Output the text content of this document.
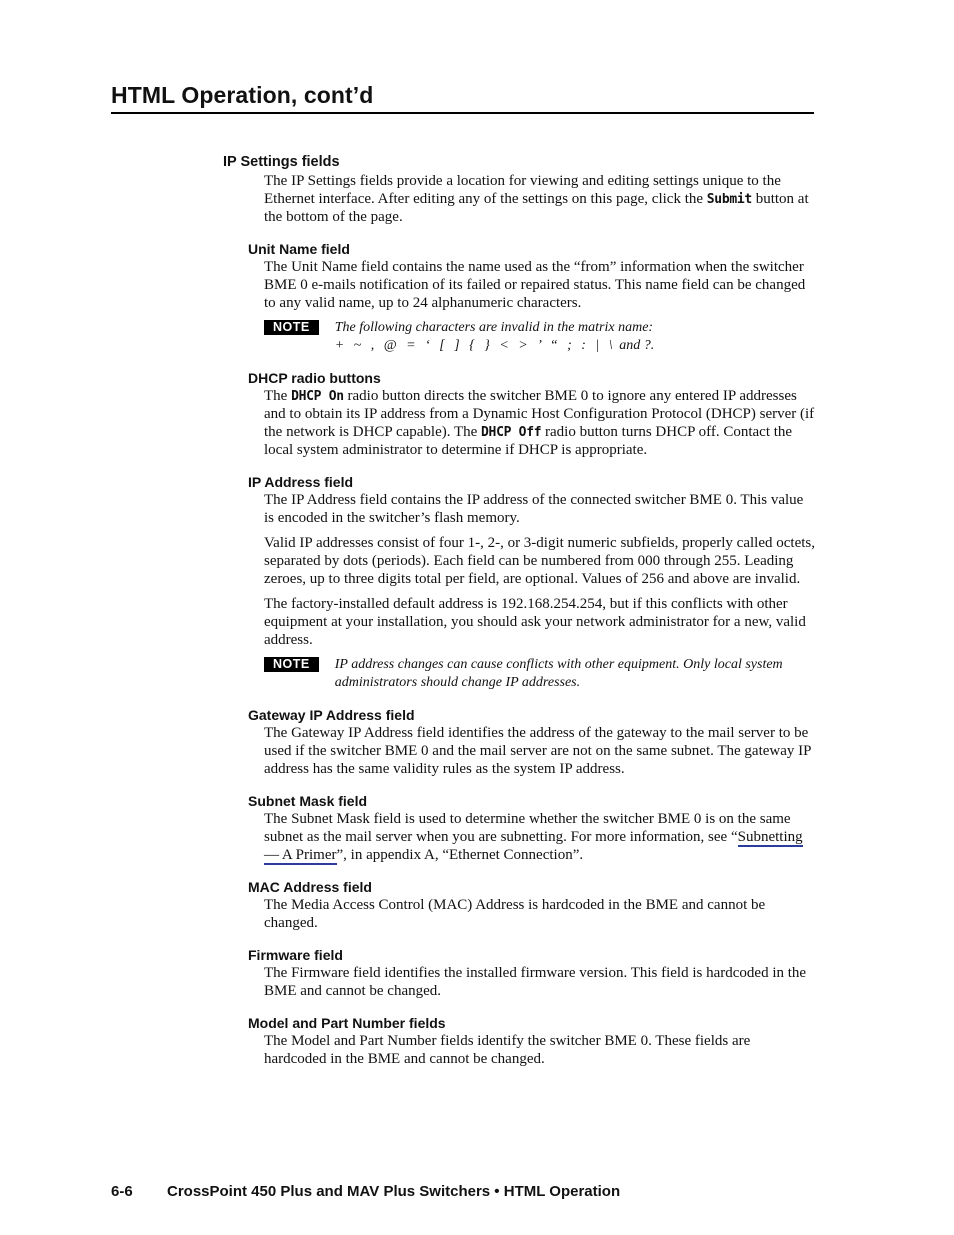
HTML Operation, cont’d
IP Settings fields

The IP Settings fields provide a location for viewing and editing settings unique to the Ethernet interface. After editing any of the settings on this page, click the Submit button at the bottom of the page.

Unit Name field

The Unit Name field contains the name used as the “from” information when the switcher BME 0 e-mails notification of its failed or repaired status. This name field can be changed to any valid name, up to 24 alphanumeric characters.

NOTE	The following characters are invalid in the matrix name:
+ ~ , @ = ‘ [ ] { } < > ’ “ ; : | \ and ?.
DHCP radio buttons

The DHCP On radio button directs the switcher BME 0 to ignore any entered IP addresses and to obtain its IP address from a Dynamic Host Configuration Protocol (DHCP) server (if the network is DHCP capable). The DHCP Off radio button turns DHCP off. Contact the local system administrator to determine if DHCP is appropriate.

IP Address field

The IP Address field contains the IP address of the connected switcher BME 0. This value is encoded in the switcher’s flash memory.

Valid IP addresses consist of four 1-, 2-, or 3-digit numeric subfields, properly called octets, separated by dots (periods). Each field can be numbered from 000 through 255. Leading zeroes, up to three digits total per field, are optional. Values of 256 and above are invalid.

The factory-installed default address is 192.168.254.254, but if this conflicts with other equipment at your installation, you should ask your network administrator for a new, valid address.

NOTE	IP address changes can cause conflicts with other equipment. Only local system administrators should change IP addresses.
Gateway IP Address field

The Gateway IP Address field identifies the address of the gateway to the mail server to be used if the switcher BME 0 and the mail server are not on the same subnet. The gateway IP address has the same validity rules as the system IP address.

Subnet Mask field

The Subnet Mask field is used to determine whether the switcher BME 0 is on the same subnet as the mail server when you are subnetting. For more information, see “Subnetting — A Primer”, in appendix A, “Ethernet Connection”.

MAC Address field

The Media Access Control (MAC) Address is hardcoded in the BME and cannot be changed.

Firmware field

The Firmware field identifies the installed firmware version. This field is hardcoded in the BME and cannot be changed.

Model and Part Number fields

The Model and Part Number fields identify the switcher BME 0. These fields are hardcoded in the BME and cannot be changed.

6-6 CrossPoint 450 Plus and MAV Plus Switchers • HTML Operation
